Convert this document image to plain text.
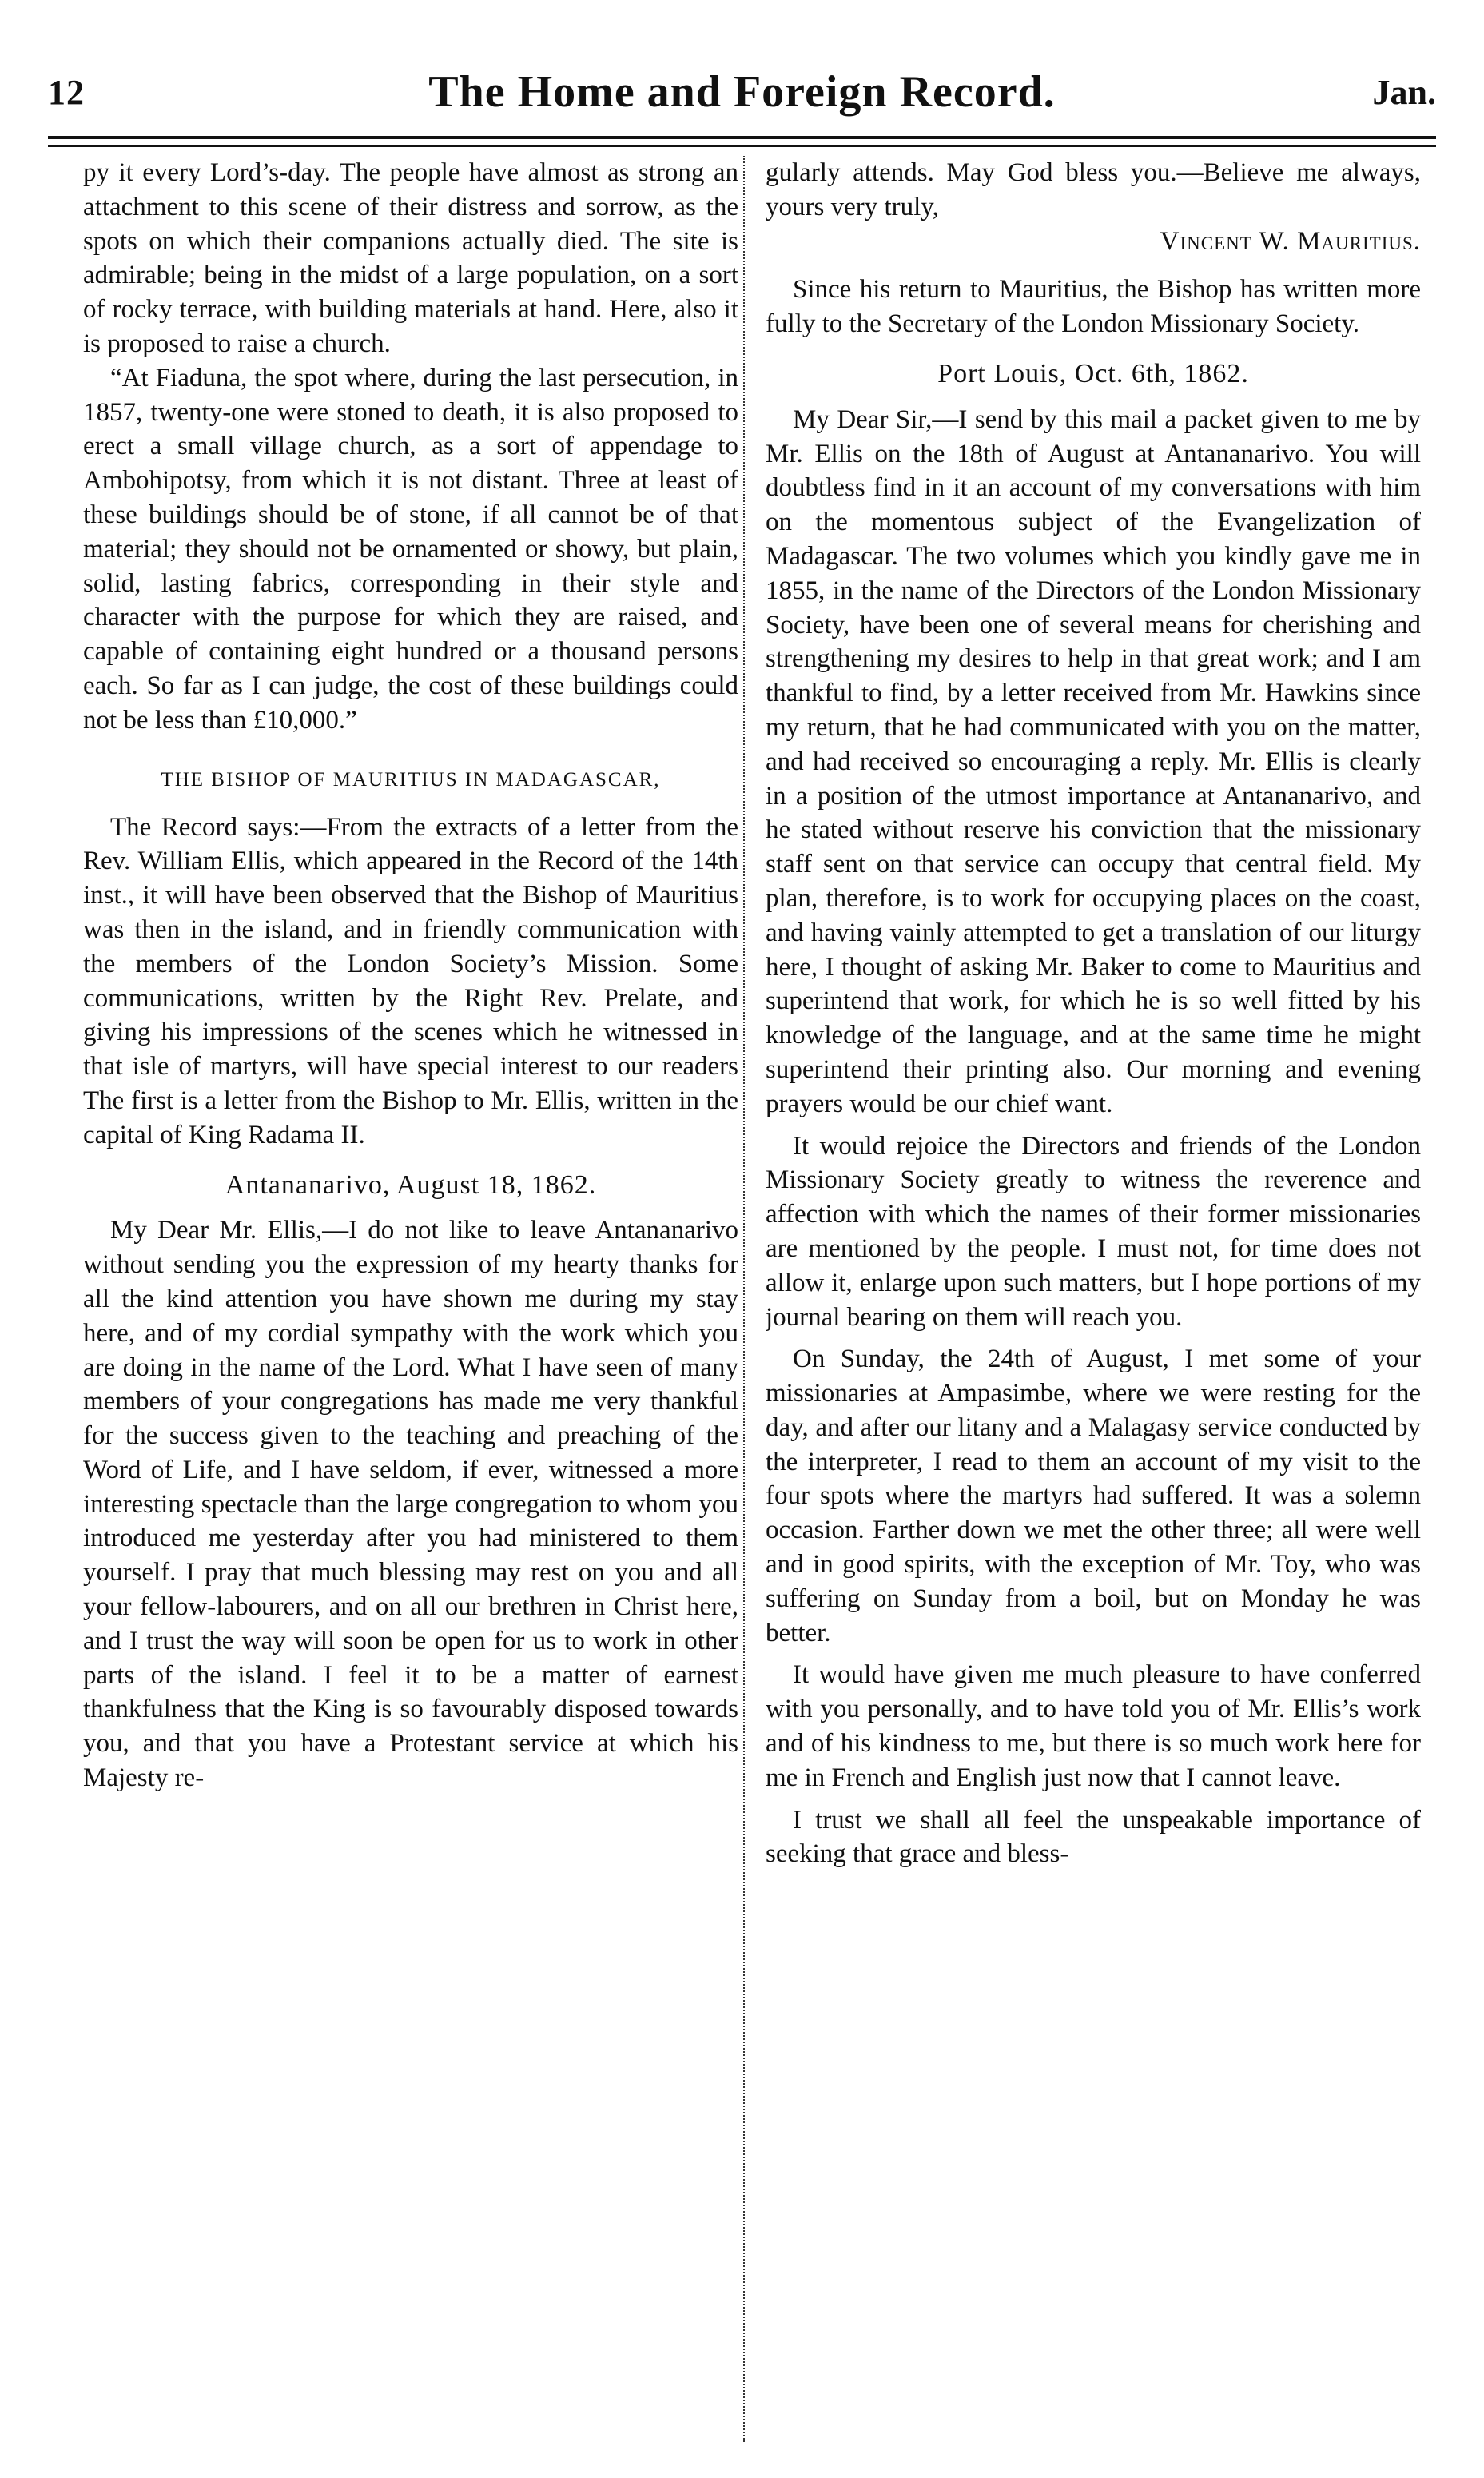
12	The Home and Foreign Record.	Jan.

py it every Lord’s-day. The people have almost as strong an attachment to this scene of their distress and sorrow, as the spots on which their companions actually died. The site is admirable; being in the midst of a large population, on a sort of rocky terrace, with building materials at hand. Here, also it is proposed to raise a church.

“At Fiaduna, the spot where, during the last persecution, in 1857, twenty-one were stoned to death, it is also proposed to erect a small village church, as a sort of appendage to Ambohipotsy, from which it is not distant. Three at least of these buildings should be of stone, if all cannot be of that material; they should not be ornamented or showy, but plain, solid, lasting fabrics, corresponding in their style and character with the purpose for which they are raised, and capable of containing eight hundred or a thousand persons each. So far as I can judge, the cost of these buildings could not be less than £10,000.”

THE BISHOP OF MAURITIUS IN MADAGASCAR,

The Record says:—From the extracts of a letter from the Rev. William Ellis, which appeared in the Record of the 14th inst., it will have been observed that the Bishop of Mauritius was then in the island, and in friendly communication with the members of the London Society’s Mission. Some communications, written by the Right Rev. Prelate, and giving his impressions of the scenes which he witnessed in that isle of martyrs, will have special interest to our readers The first is a letter from the Bishop to Mr. Ellis, written in the capital of King Radama II.

Antananarivo, August 18, 1862.

My Dear Mr. Ellis,—I do not like to leave Antananarivo without sending you the expression of my hearty thanks for all the kind attention you have shown me during my stay here, and of my cordial sympathy with the work which you are doing in the name of the Lord. What I have seen of many members of your congregations has made me very thankful for the success given to the teaching and preaching of the Word of Life, and I have seldom, if ever, witnessed a more interesting spectacle than the large congregation to whom you introduced me yesterday after you had ministered to them yourself. I pray that much blessing may rest on you and all your fellow-labourers, and on all our brethren in Christ here, and I trust the way will soon be open for us to work in other parts of the island. I feel it to be a matter of earnest thankfulness that the King is so favourably disposed towards you, and that you have a Protestant service at which his Majesty re-

gularly attends. May God bless you.—Believe me always, yours very truly,

Vincent W. Mauritius.

Since his return to Mauritius, the Bishop has written more fully to the Secretary of the London Missionary Society.

Port Louis, Oct. 6th, 1862.

My Dear Sir,—I send by this mail a packet given to me by Mr. Ellis on the 18th of August at Antananarivo. You will doubtless find in it an account of my conversations with him on the momentous subject of the Evangelization of Madagascar. The two volumes which you kindly gave me in 1855, in the name of the Directors of the London Missionary Society, have been one of several means for cherishing and strengthening my desires to help in that great work; and I am thankful to find, by a letter received from Mr. Hawkins since my return, that he had communicated with you on the matter, and had received so encouraging a reply. Mr. Ellis is clearly in a position of the utmost importance at Antananarivo, and he stated without reserve his conviction that the missionary staff sent on that service can occupy that central field. My plan, therefore, is to work for occupying places on the coast, and having vainly attempted to get a translation of our liturgy here, I thought of asking Mr. Baker to come to Mauritius and superintend that work, for which he is so well fitted by his knowledge of the language, and at the same time he might superintend their printing also. Our morning and evening prayers would be our chief want.

It would rejoice the Directors and friends of the London Missionary Society greatly to witness the reverence and affection with which the names of their former missionaries are mentioned by the people. I must not, for time does not allow it, enlarge upon such matters, but I hope portions of my journal bearing on them will reach you.

On Sunday, the 24th of August, I met some of your missionaries at Ampasimbe, where we were resting for the day, and after our litany and a Malagasy service conducted by the interpreter, I read to them an account of my visit to the four spots where the martyrs had suffered. It was a solemn occasion. Farther down we met the other three; all were well and in good spirits, with the exception of Mr. Toy, who was suffering on Sunday from a boil, but on Monday he was better.

It would have given me much pleasure to have conferred with you personally, and to have told you of Mr. Ellis’s work and of his kindness to me, but there is so much work here for me in French and English just now that I cannot leave.

I trust we shall all feel the unspeakable importance of seeking that grace and bless-
